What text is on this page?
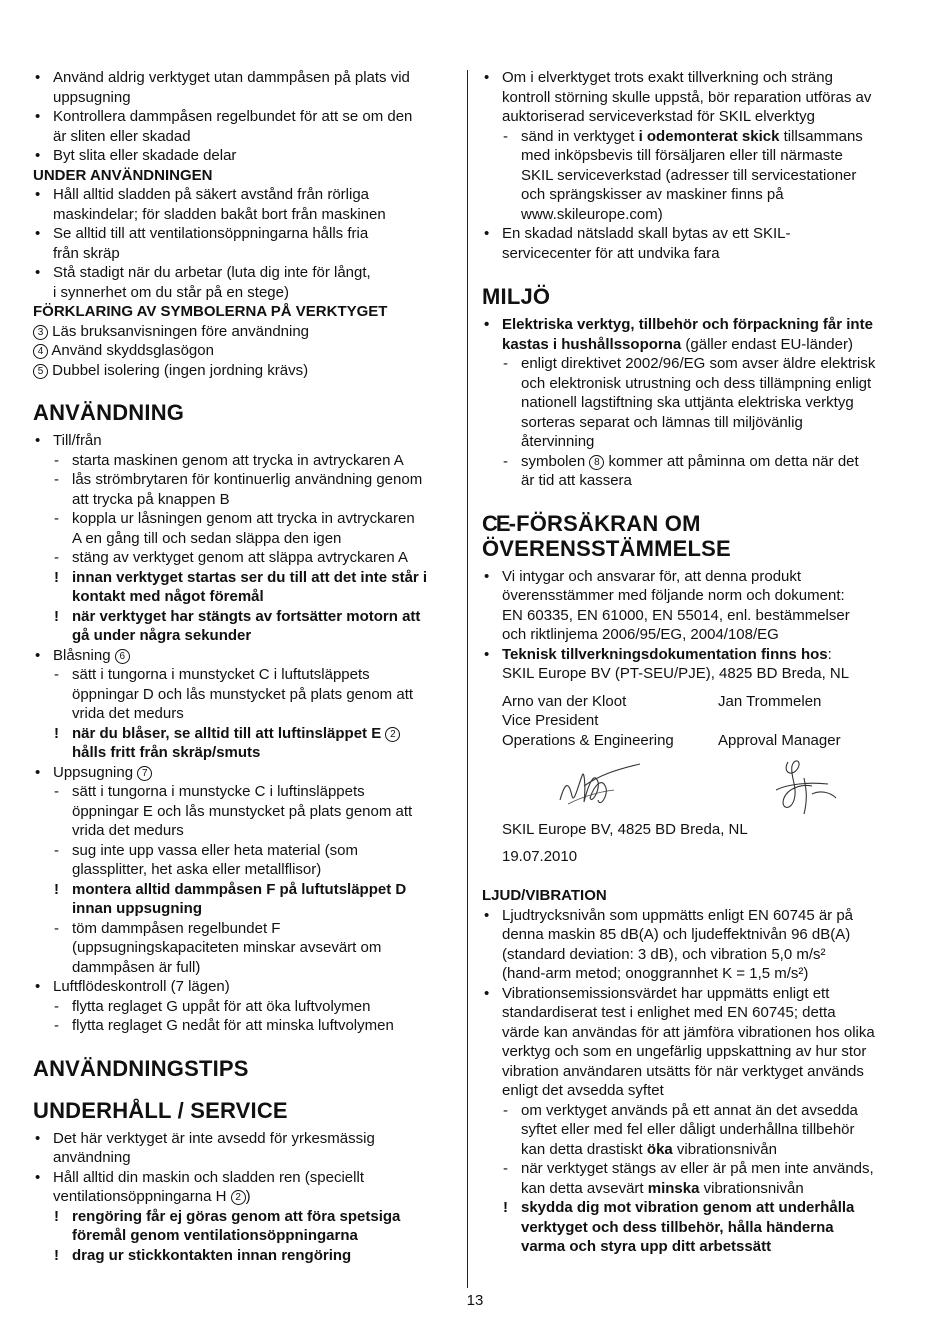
• Använd aldrig verktyget utan dammpåsen på plats vid
uppsugning
• Kontrollera dammpåsen regelbundet för att se om den
är sliten eller skadad
• Byt slita eller skadade delar
UNDER ANVÄNDNINGEN
• Håll alltid sladden på säkert avstånd från rörliga
maskindelar; för sladden bakåt bort från maskinen
• Se alltid till att ventilationsöppningarna hålls fria
från skräp
• Stå stadigt när du arbetar (luta dig inte för långt,
i synnerhet om du står på en stege)
FÖRKLARING AV SYMBOLERNA PÅ VERKTYGET
3 Läs bruksanvisningen före användning
4 Använd skyddsglasögon
5 Dubbel isolering (ingen jordning krävs)
ANVÄNDNING
• Till/från
- starta maskinen genom att trycka in avtryckaren A
- lås strömbrytaren för kontinuerlig användning genom
att trycka på knappen B
- koppla ur låsningen genom att trycka in avtryckaren
A en gång till och sedan släppa den igen
- stäng av verktyget genom att släppa avtryckaren A
! innan verktyget startas ser du till att det inte står i
kontakt med något föremål
! när verktyget har stängts av fortsätter motorn att
gå under några sekunder
• Blåsning 6
- sätt i tungorna i munstycket C i luftutsläppets
öppningar D och lås munstycket på plats genom att
vrida det medurs
! när du blåser, se alltid till att luftinsläppet E 2
hålls fritt från skräp/smuts
• Uppsugning 7
- sätt i tungorna i munstycke C i luftinsläppets
öppningar E och lås munstycket på plats genom att
vrida det medurs
- sug inte upp vassa eller heta material (som
glassplitter, het aska eller metallflisor)
! montera alltid dammpåsen F på luftutsläppet D
innan uppsugning
- töm dammpåsen regelbundet F
(uppsugningskapaciteten minskar avsevärt om
dammpåsen är full)
• Luftflödeskontroll (7 lägen)
- flytta reglaget G uppåt för att öka luftvolymen
- flytta reglaget G nedåt för att minska luftvolymen
ANVÄNDNINGSTIPS
UNDERHÅLL / SERVICE
• Det här verktyget är inte avsedd för yrkesmässig
användning
• Håll alltid din maskin och sladden ren (speciellt
ventilationsöppningarna H 2 )
! rengöring får ej göras genom att föra spetsiga
föremål genom ventilationsöppningarna
! drag ur stickkontakten innan rengöring
• Om i elverktyget trots exakt tillverkning och sträng
kontroll störning skulle uppstå, bör reparation utföras av
auktoriserad serviceverkstad för SKIL elverktyg
- sänd in verktyget i odemonterat skick tillsammans
med inköpsbevis till försäljaren eller till närmaste
SKIL serviceverkstad (adresser till servicestationer
och sprängskisser av maskiner finns på
www.skileurope.com)
• En skadad nätsladd skall bytas av ett SKIL-
servicecenter för att undvika fara
MILJÖ
• Elektriska verktyg, tillbehör och förpackning får inte
kastas i hushållssoporna (gäller endast EU-länder)
- enligt direktivet 2002/96/EG som avser äldre elektrisk
och elektronisk utrustning och dess tillämpning enligt
nationell lagstiftning ska uttjänta elektriska verktyg
sorteras separat och lämnas till miljövänlig
återvinning
- symbolen 8 kommer att påminna om detta när det
är tid att kassera
CE-FÖRSÄKRAN OM
ÖVERENSSTÄMMELSE
• Vi intygar och ansvarar för, att denna produkt
överensstämmer med följande norm och dokument:
EN 60335, EN 61000, EN 55014, enl. bestämmelser
och riktlinjema 2006/95/EG, 2004/108/EG
• Teknisk tillverkningsdokumentation finns hos:
SKIL Europe BV (PT-SEU/PJE), 4825 BD Breda, NL
Arno van der Kloot
Vice President
Operations & Engineering
Jan Trommelen

Approval Manager
SKIL Europe BV, 4825 BD Breda, NL
19.07.2010
LJUD/VIBRATION
• Ljudtrycksnivån som uppmätts enligt EN 60745 är på
denna maskin 85 dB(A) och ljudeffektnivån 96 dB(A)
(standard deviation: 3 dB), och vibration 5,0 m/s²
(hand-arm metod; onoggrannhet K = 1,5 m/s²)
• Vibrationsemissionsvärdet har uppmätts enligt ett
standardiserat test i enlighet med EN 60745; detta
värde kan användas för att jämföra vibrationen hos olika
verktyg och som en ungefärlig uppskattning av hur stor
vibration användaren utsätts för när verktyget används
enligt det avsedda syftet
- om verktyget används på ett annat än det avsedda
syftet eller med fel eller dåligt underhållna tillbehör
kan detta drastiskt öka vibrationsnivån
- när verktyget stängs av eller är på men inte används,
kan detta avsevärt minska vibrationsnivån
! skydda dig mot vibration genom att underhålla
verktyget och dess tillbehör, hålla händerna
varma och styra upp ditt arbetssätt
13
